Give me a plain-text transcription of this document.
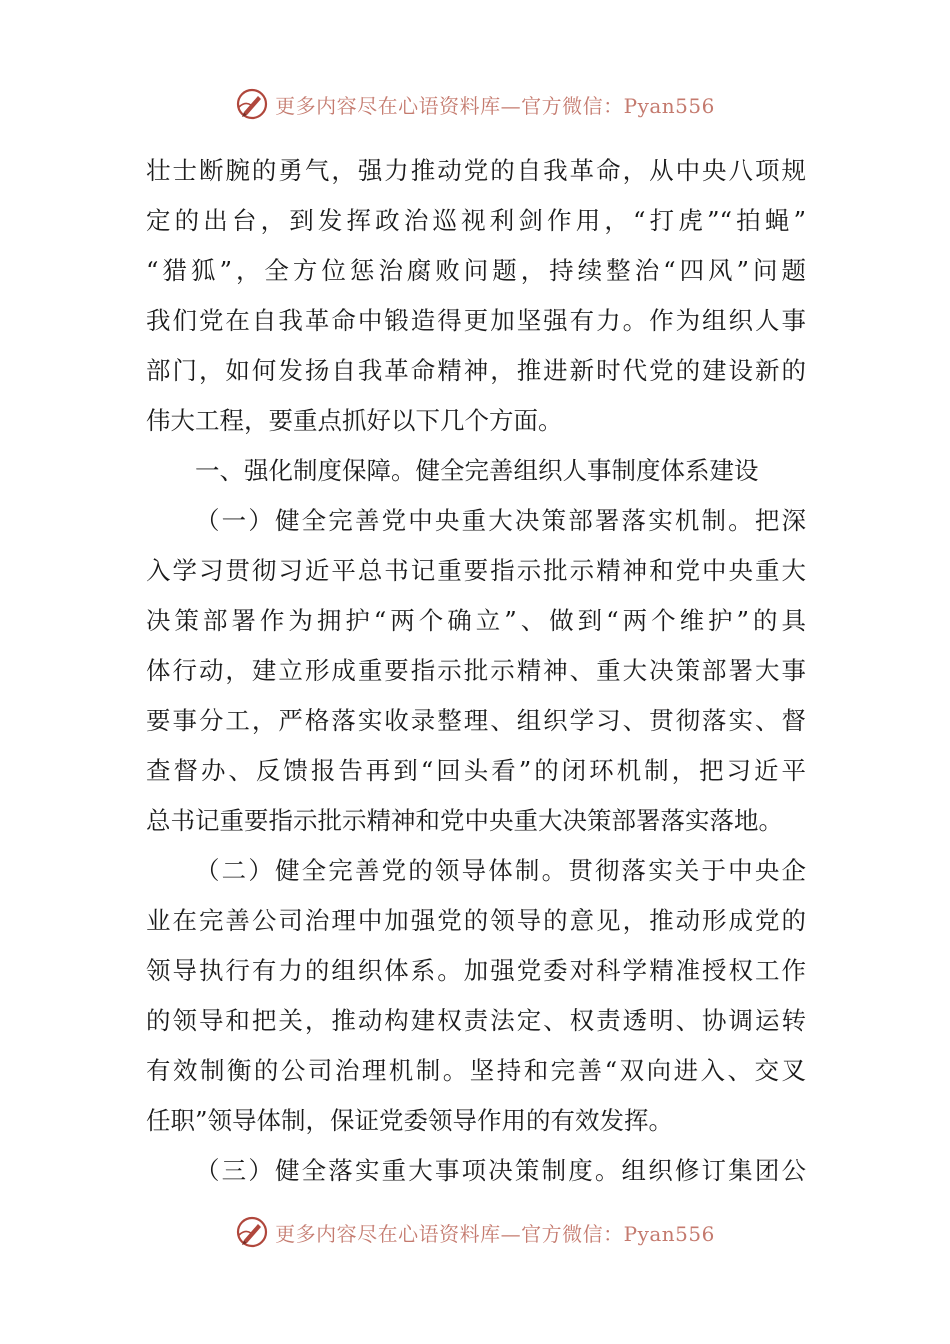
更多内容尽在心语资料库—官方微信：Pyan556
壮士断腕的勇气，强力推动党的自我革命，从中央八项规
定的出台，到发挥政治巡视利剑作用，“打虎”“拍蝇”
“猎狐”，全方位惩治腐败问题，持续整治“四风”问题
我们党在自我革命中锻造得更加坚强有力。作为组织人事
部门，如何发扬自我革命精神，推进新时代党的建设新的
伟大工程，要重点抓好以下几个方面。
一、强化制度保障。健全完善组织人事制度体系建设
（一）健全完善党中央重大决策部署落实机制。把深
入学习贯彻习近平总书记重要指示批示精神和党中央重大
决策部署作为拥护“两个确立”、做到“两个维护”的具
体行动，建立形成重要指示批示精神、重大决策部署大事
要事分工，严格落实收录整理、组织学习、贯彻落实、督
查督办、反馈报告再到“回头看”的闭环机制，把习近平
总书记重要指示批示精神和党中央重大决策部署落实落地。
（二）健全完善党的领导体制。贯彻落实关于中央企
业在完善公司治理中加强党的领导的意见，推动形成党的
领导执行有力的组织体系。加强党委对科学精准授权工作
的领导和把关，推动构建权责法定、权责透明、协调运转
有效制衡的公司治理机制。坚持和完善“双向进入、交叉
任职”领导体制，保证党委领导作用的有效发挥。
（三）健全落实重大事项决策制度。组织修订集团公
更多内容尽在心语资料库—官方微信：Pyan556
